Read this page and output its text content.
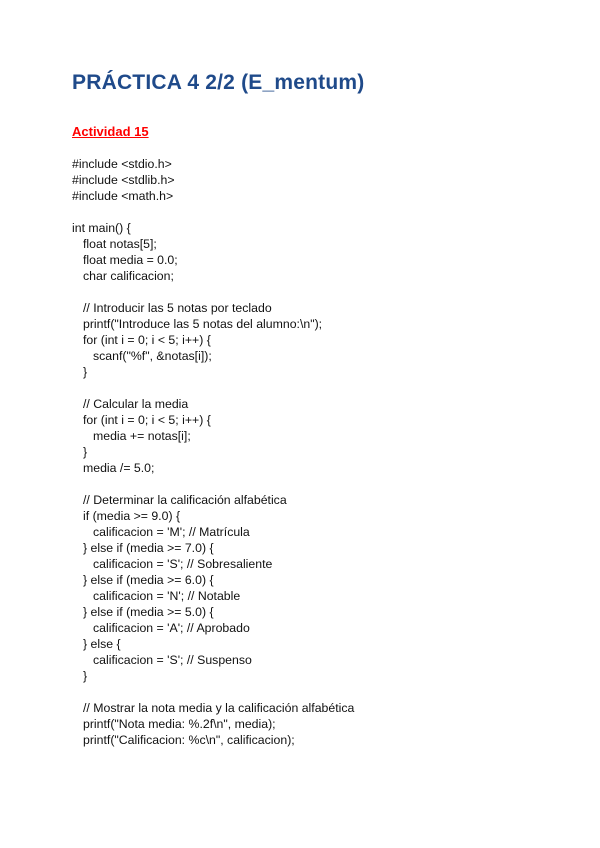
PRÁCTICA 4 2/2 (E_mentum)
Actividad 15
#include <stdio.h>
#include <stdlib.h>
#include <math.h>
int main() {
float notas[5];
float media = 0.0;
char calificacion;
// Introducir las 5 notas por teclado
printf("Introduce las 5 notas del alumno:\n");
for (int i = 0; i < 5; i++) {
scanf("%f", &notas[i]);
}
// Calcular la media
for (int i = 0; i < 5; i++) {
media += notas[i];
}
media /= 5.0;
// Determinar la calificación alfabética
if (media >= 9.0) {
calificacion = 'M'; // Matrícula
} else if (media >= 7.0) {
calificacion = 'S'; // Sobresaliente
} else if (media >= 6.0) {
calificacion = 'N'; // Notable
} else if (media >= 5.0) {
calificacion = 'A'; // Aprobado
} else {
calificacion = 'S'; // Suspenso
}
// Mostrar la nota media y la calificación alfabética
printf("Nota media: %.2f\n", media);
printf("Calificacion: %c\n", calificacion);
